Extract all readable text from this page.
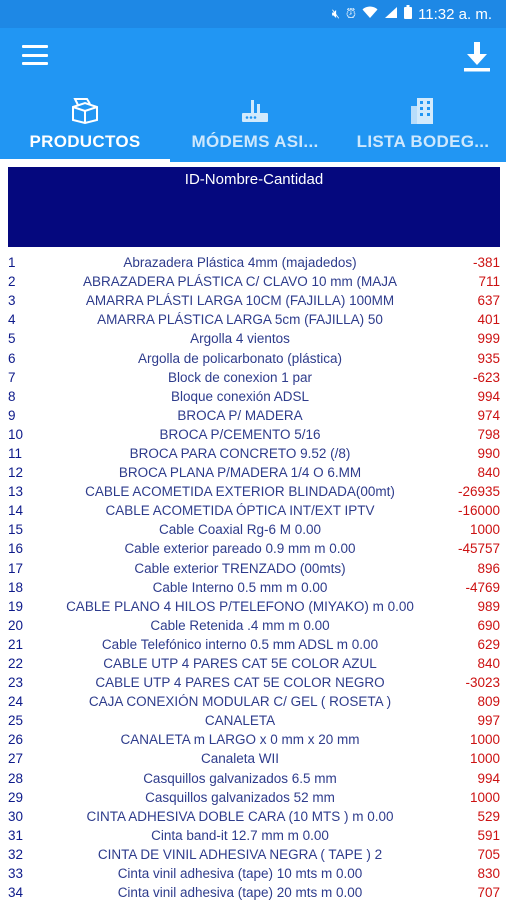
🔇︎ ⏰︎	11:32 a. m.
PRODUCTOS	MÓDEMS ASI...	LISTA BODEG...
ID-Nombre-Cantidad
1	Abrazadera Plástica 4mm (majadedos)	-381
2	ABRAZADERA PLÁSTICA C/ CLAVO 10 mm (MAJA	711
3	AMARRA PLÁSTI LARGA 10CM (FAJILLA) 100MM	637
4	AMARRA PLÁSTICA LARGA 5cm (FAJILLA) 50	401
5	Argolla 4 vientos	999
6	Argolla de policarbonato (plástica)	935
7	Block de conexion 1 par	-623
8	Bloque conexión ADSL	994
9	BROCA P/ MADERA	974
10	BROCA P/CEMENTO 5/16	798
11	BROCA PARA CONCRETO 9.52 (/8)	990
12	BROCA PLANA P/MADERA 1/4 O 6.MM	840
13	CABLE ACOMETIDA EXTERIOR BLINDADA(00mt)	-26935
14	CABLE ACOMETIDA ÓPTICA INT/EXT IPTV	-16000
15	Cable Coaxial Rg-6 M 0.00	1000
16	Cable exterior pareado 0.9 mm m 0.00	-45757
17	Cable exterior TRENZADO (00mts)	896
18	Cable Interno 0.5 mm m 0.00	-4769
19	CABLE PLANO 4 HILOS P/TELEFONO (MIYAKO) m 0.00	989
20	Cable Retenida .4 mm m 0.00	690
21	Cable Telefónico interno 0.5 mm ADSL m 0.00	629
22	CABLE UTP 4 PARES CAT 5E COLOR AZUL	840
23	CABLE UTP 4 PARES CAT 5E COLOR NEGRO	-3023
24	CAJA CONEXIÓN MODULAR C/ GEL ( ROSETA )	809
25	CANALETA	997
26	CANALETA m LARGO x 0 mm x 20 mm	1000
27	Canaleta WII	1000
28	Casquillos galvanizados 6.5 mm	994
29	Casquillos galvanizados 52 mm	1000
30	CINTA ADHESIVA DOBLE CARA (10 MTS ) m 0.00	529
31	Cinta band-it 12.7 mm m 0.00	591
32	CINTA DE VINIL ADHESIVA NEGRA ( TAPE ) 2	705
33	Cinta vinil adhesiva (tape) 10 mts m 0.00	830
34	Cinta vinil adhesiva (tape) 20 mts m 0.00	707
